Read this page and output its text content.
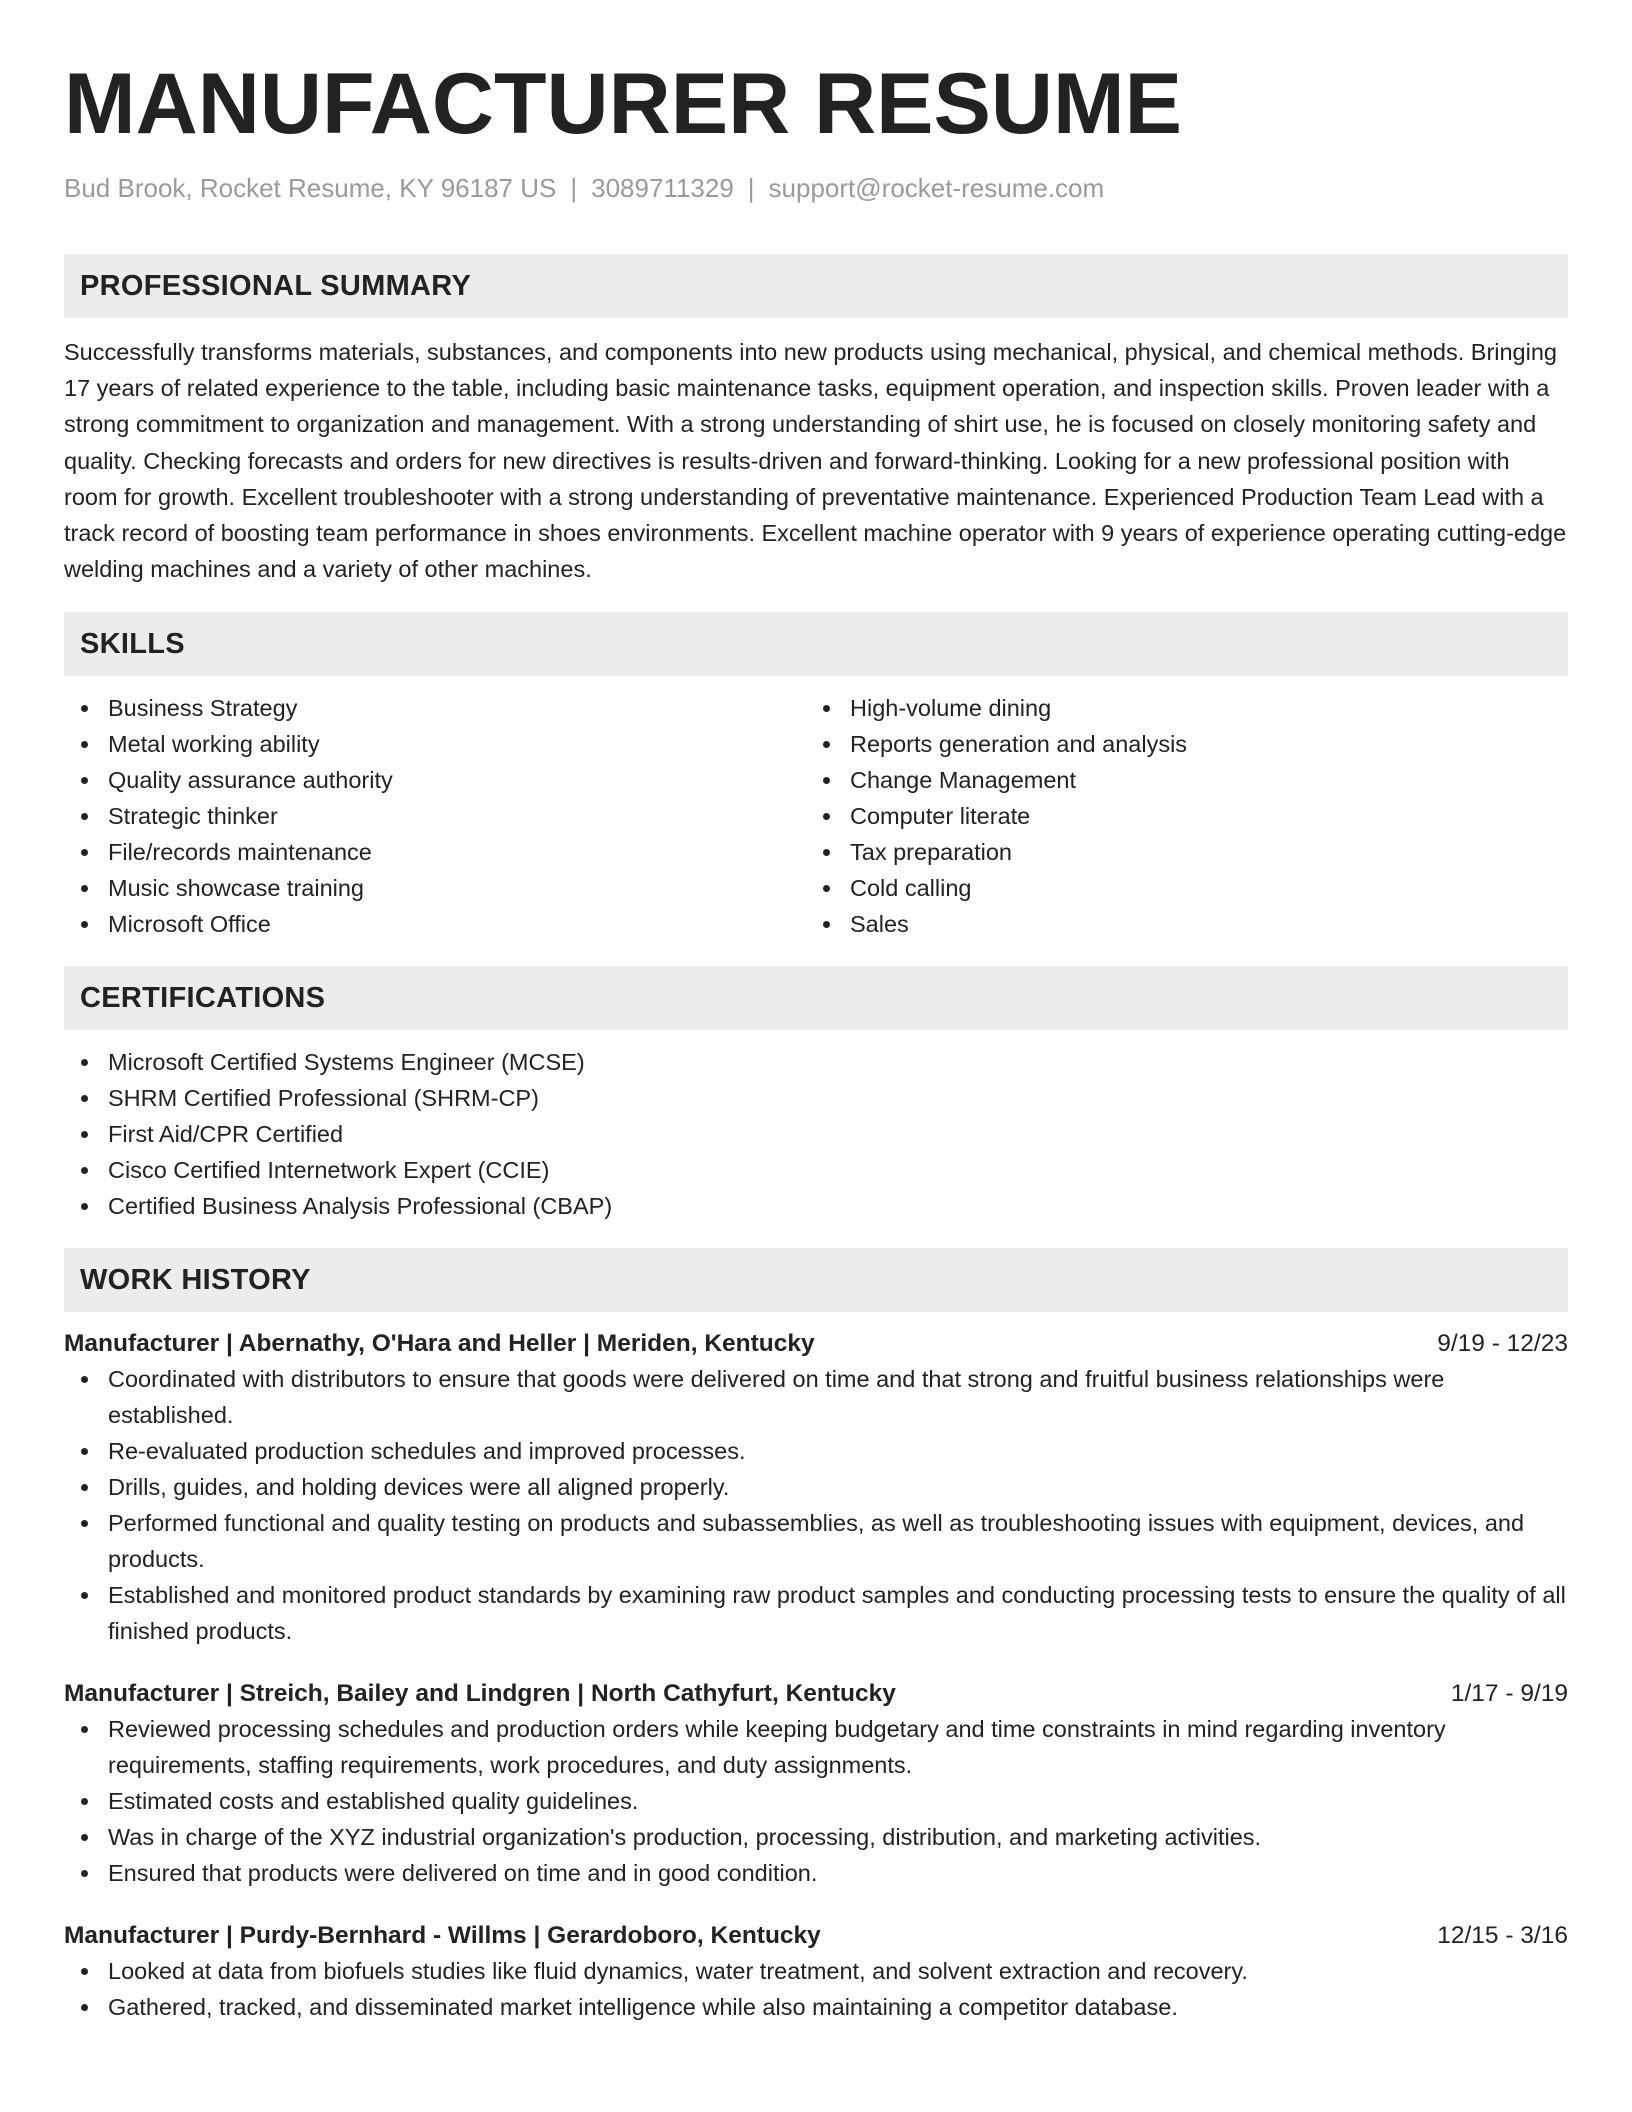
MANUFACTURER RESUME
Bud Brook, Rocket Resume, KY 96187 US | 3089711329 | support@rocket-resume.com
PROFESSIONAL SUMMARY

Successfully transforms materials, substances, and components into new products using mechanical, physical, and chemical methods. Bringing 17 years of related experience to the table, including basic maintenance tasks, equipment operation, and inspection skills. Proven leader with a strong commitment to organization and management. With a strong understanding of shirt use, he is focused on closely monitoring safety and quality. Checking forecasts and orders for new directives is results-driven and forward-thinking. Looking for a new professional position with room for growth. Excellent troubleshooter with a strong understanding of preventative maintenance. Experienced Production Team Lead with a track record of boosting team performance in shoes environments. Excellent machine operator with 9 years of experience operating cutting-edge welding machines and a variety of other machines.

SKILLS
Business Strategy
Metal working ability
Quality assurance authority
Strategic thinker
File/records maintenance
Music showcase training
Microsoft Office
High-volume dining
Reports generation and analysis
Change Management
Computer literate
Tax preparation
Cold calling
Sales
CERTIFICATIONS
Microsoft Certified Systems Engineer (MCSE)
SHRM Certified Professional (SHRM-CP)
First Aid/CPR Certified
Cisco Certified Internetwork Expert (CCIE)
Certified Business Analysis Professional (CBAP)
WORK HISTORY
Manufacturer | Abernathy, O'Hara and Heller | Meriden, Kentucky	9/19 - 12/23
Coordinated with distributors to ensure that goods were delivered on time and that strong and fruitful business relationships were established.
Re-evaluated production schedules and improved processes.
Drills, guides, and holding devices were all aligned properly.
Performed functional and quality testing on products and subassemblies, as well as troubleshooting issues with equipment, devices, and products.
Established and monitored product standards by examining raw product samples and conducting processing tests to ensure the quality of all finished products.
Manufacturer | Streich, Bailey and Lindgren | North Cathyfurt, Kentucky	1/17 - 9/19
Reviewed processing schedules and production orders while keeping budgetary and time constraints in mind regarding inventory requirements, staffing requirements, work procedures, and duty assignments.
Estimated costs and established quality guidelines.
Was in charge of the XYZ industrial organization's production, processing, distribution, and marketing activities.
Ensured that products were delivered on time and in good condition.
Manufacturer | Purdy-Bernhard - Willms | Gerardoboro, Kentucky	12/15 - 3/16
Looked at data from biofuels studies like fluid dynamics, water treatment, and solvent extraction and recovery.
Gathered, tracked, and disseminated market intelligence while also maintaining a competitor database.
